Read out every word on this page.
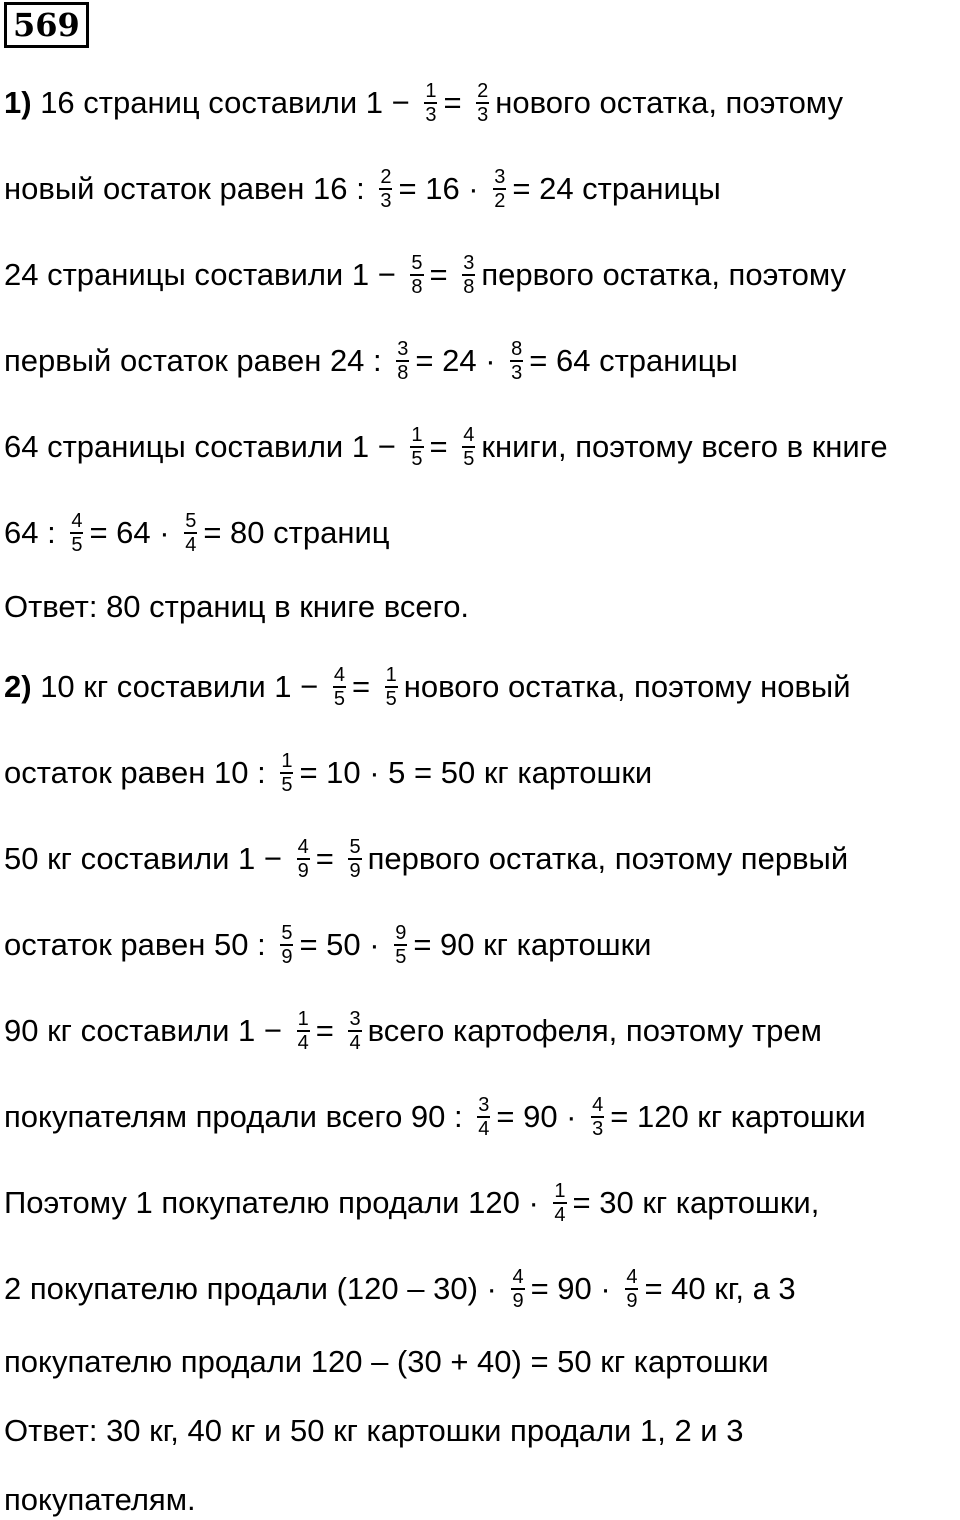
569
1) 16 страниц составили $1 - \frac{1}{3} = \frac{2}{3}$ нового остатка, поэтому
новый остаток равен 16 : $\frac{2}{3} = 16 \cdot \frac{3}{2} = 24$ страницы
24 страницы составили $1 - \frac{5}{8} = \frac{3}{8}$ первого остатка, поэтому
первый остаток равен 24 : $\frac{3}{8} = 24 \cdot \frac{8}{3} = 64$ страницы
64 страницы составили $1 - \frac{1}{5} = \frac{4}{5}$ книги, поэтому всего в книге
64 : $\frac{4}{5} = 64 \cdot \frac{5}{4} = 80$ страниц
Ответ: 80 страниц в книге всего.
2) 10 кг составили $1 - \frac{4}{5} = \frac{1}{5}$ нового остатка, поэтому новый
остаток равен 10 : $\frac{1}{5} = 10 \cdot 5 = 50$ кг картошки
50 кг составили $1 - \frac{4}{9} = \frac{5}{9}$ первого остатка, поэтому первый
остаток равен 50 : $\frac{5}{9} = 50 \cdot \frac{9}{5} = 90$ кг картошки
90 кг составили $1 - \frac{1}{4} = \frac{3}{4}$ всего картофеля, поэтому трем
покупателям продали всего 90 : $\frac{3}{4} = 90 \cdot \frac{4}{3} = 120$ кг картошки
Поэтому 1 покупателю продали $120 \cdot \frac{1}{4} = 30$ кг картошки,
2 покупателю продали $(120 - 30) \cdot \frac{4}{9} = 90 \cdot \frac{4}{9} = 40$ кг, а 3
покупателю продали 120 – (30 + 40) = 50 кг картошки
Ответ: 30 кг, 40 кг и 50 кг картошки продали 1, 2 и 3
покупателям.
